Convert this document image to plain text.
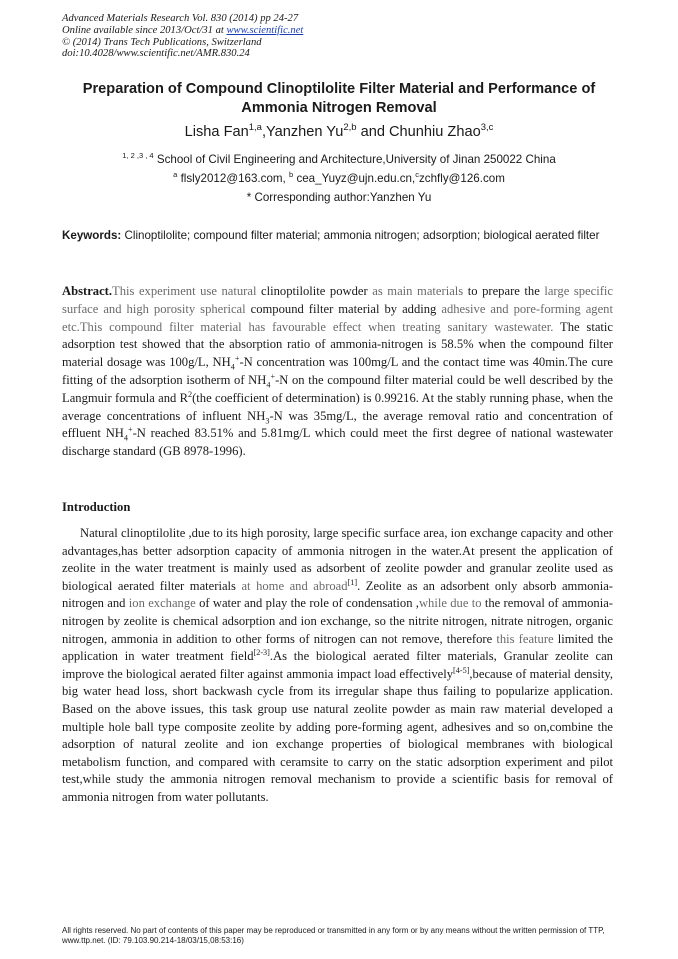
Advanced Materials Research Vol. 830 (2014) pp 24-27
Online available since 2013/Oct/31 at www.scientific.net
© (2014) Trans Tech Publications, Switzerland
doi:10.4028/www.scientific.net/AMR.830.24
Preparation of Compound Clinoptilolite Filter Material and Performance of Ammonia Nitrogen Removal
Lisha Fan$^{1,a}$,Yanzhen Yu$^{2,b}$ and Chunhiu Zhao$^{3,c}$
$^{1, 2 ,3 , 4}$ School of Civil Engineering and Architecture,University of Jinan 250022 China
$^a$ flsly2012@163.com, $^b$ cea_Yuyz@ujn.edu.cn,$^c$zchfly@126.com
* Corresponding author:Yanzhen Yu
Keywords: Clinoptilolite; compound filter material; ammonia nitrogen; adsorption; biological aerated filter
Abstract.This experiment use natural clinoptilolite powder as main materials to prepare the large specific surface and high porosity spherical compound filter material by adding adhesive and pore-forming agent etc.This compound filter material has favourable effect when treating sanitary wastewater. The static adsorption test showed that the absorption ratio of ammonia-nitrogen is 58.5% when the compound filter material dosage was 100g/L, $NH_4^+-N$ concentration was 100mg/L and the contact time was 40min.The cure fitting of the adsorption isotherm of $NH_4^+-N$ on the compound filter material could be well described by the Langmuir formula and $R^2(the$ coefficient of determination) is 0.99216. At the stably running phase, when the average concentrations of influent $NH_3-N$ was 35mg/L, the average removal ratio and concentration of effluent $NH_4^+-N$ reached 83.51% and 5.81mg/L which could meet the first degree of national wastewater discharge standard (GB 8978-1996).
Introduction
Natural clinoptilolite ,due to its high porosity, large specific surface area, ion exchange capacity and other advantages,has better adsorption capacity of ammonia nitrogen in the water.At present the application of zeolite in the water treatment is mainly used as adsorbent of zeolite powder and granular zeolite used as biological aerated filter materials at home and abroad[1]. Zeolite as an adsorbent only absorb ammonia-nitrogen and ion exchange of water and play the role of condensation ,while due to the removal of ammonia-nitrogen by zeolite is chemical adsorption and ion exchange, so the nitrite nitrogen, nitrate nitrogen, organic nitrogen, ammonia in addition to other forms of nitrogen can not remove, therefore this feature limited the application in water treatment field[2-3].As the biological aerated filter materials, Granular zeolite can improve the biological aerated filter against ammonia impact load effectively[4-5],because of material density, big water head loss, short backwash cycle from its irregular shape thus failing to popularize application. Based on the above issues, this task group use natural zeolite powder as main raw material developed a multiple hole ball type composite zeolite by adding pore-forming agent, adhesives and so on,combine the adsorption of natural zeolite and ion exchange properties of biological membranes with biological metabolism function, and compared with ceramsite to carry on the static adsorption experiment and pilot test,while study the ammonia nitrogen removal mechanism to provide a scientific basis for removal of ammonia nitrogen from water pollutants.
All rights reserved. No part of contents of this paper may be reproduced or transmitted in any form or by any means without the written permission of TTP,
www.ttp.net. (ID: 79.103.90.214-18/03/15,08:53:16)
